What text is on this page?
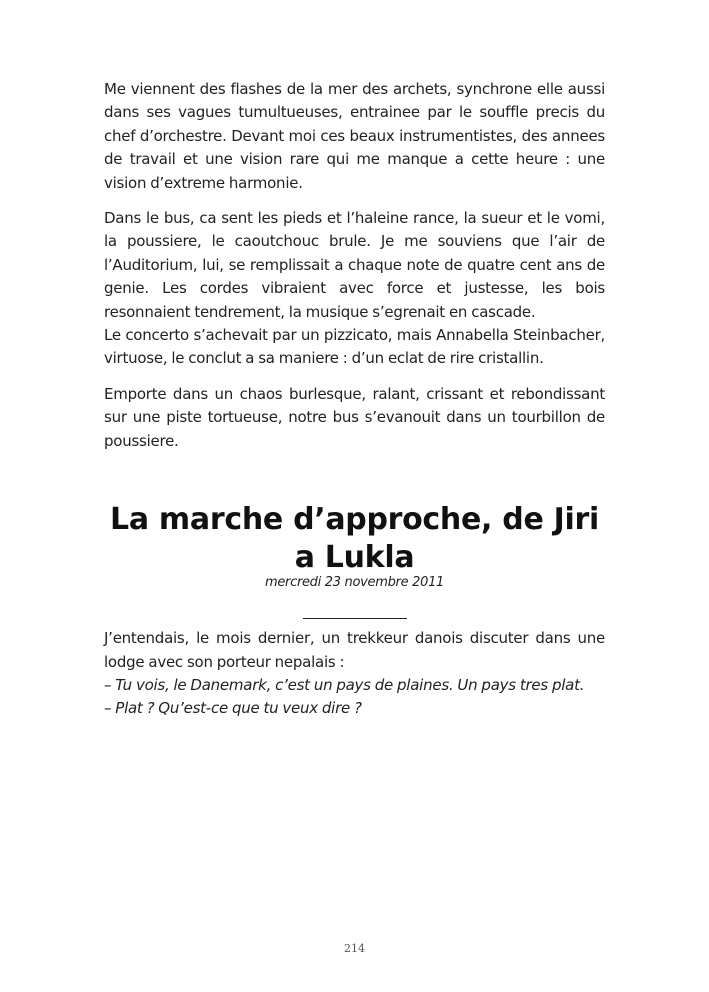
Me viennent des flashes de la mer des archets, synchrone elle aussi dans ses vagues tumultueuses, entrainee par le souffle precis du chef d’orchestre. Devant moi ces beaux instrumentistes, des annees de travail et une vision rare qui me manque a cette heure : une vision d’extreme harmonie.

Dans le bus, ca sent les pieds et l’haleine rance, la sueur et le vomi, la poussiere, le caoutchouc brule. Je me souviens que l’air de l’Auditorium, lui, se remplissait a chaque note de quatre cent ans de genie. Les cordes vibraient avec force et justesse, les bois resonnaient tendrement, la musique s’egrenait en cascade.

Le concerto s’achevait par un pizzicato, mais Annabella Steinbacher, virtuose, le conclut a sa maniere : d’un eclat de rire cristallin.

Emporte dans un chaos burlesque, ralant, crissant et rebondissant sur une piste tortueuse, notre bus s’evanouit dans un tourbillon de poussiere.

La marche d’approche, de Jiri a Lukla
mercredi 23 novembre 2011

J’entendais, le mois dernier, un trekkeur danois discuter dans une lodge avec son porteur nepalais :

– Tu vois, le Danemark, c’est un pays de plaines. Un pays tres plat.

– Plat ? Qu’est-ce que tu veux dire ?

214
